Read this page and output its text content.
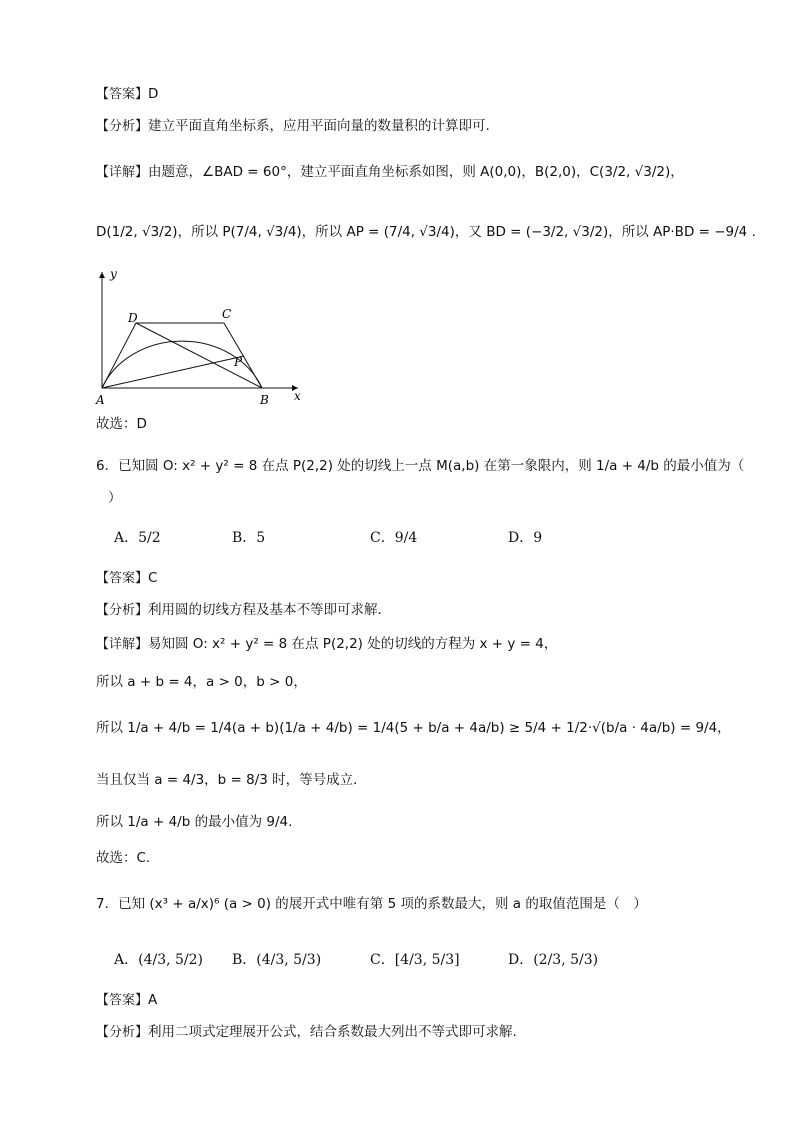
【答案】D
【分析】建立平面直角坐标系，应用平面向量的数量积的计算即可.
【详解】由题意，∠BAD = 60°，建立平面直角坐标系如图，则 A(0,0)，B(2,0)，C(3/2, √3/2)，
D(1/2, √3/2)，所以 P(7/4, √3/4)，所以 AP = (7/4, √3/4)，又 BD = (−3/2, √3/2)，所以 AP·BD = −9/4 .
y
D	C
P
A	B x
故选：D
6．已知圆 O: x² + y² = 8 在点 P(2,2) 处的切线上一点 M(a,b) 在第一象限内，则 1/a + 4/b 的最小值为（
）
A．5/2	B．5	C．9/4	D．9
【答案】C
【分析】利用圆的切线方程及基本不等即可求解．
【详解】易知圆 O: x² + y² = 8 在点 P(2,2) 处的切线的方程为 x + y = 4，
所以 a + b = 4，a > 0，b > 0，
所以 1/a + 4/b = 1/4(a + b)(1/a + 4/b) = 1/4(5 + b/a + 4a/b) ≥ 5/4 + 1/2·√(b/a · 4a/b) = 9/4，
当且仅当 a = 4/3，b = 8/3 时，等号成立．
所以 1/a + 4/b 的最小值为 9/4.
故选：C.
7．已知 (x³ + a/x)⁶ (a > 0) 的展开式中唯有第 5 项的系数最大，则 a 的取值范围是（　）
A．(4/3, 5/2) B．(4/3, 5/3)	C．[4/3, 5/3]	D．(2/3, 5/3)
【答案】A
【分析】利用二项式定理展开公式，结合系数最大列出不等式即可求解.
